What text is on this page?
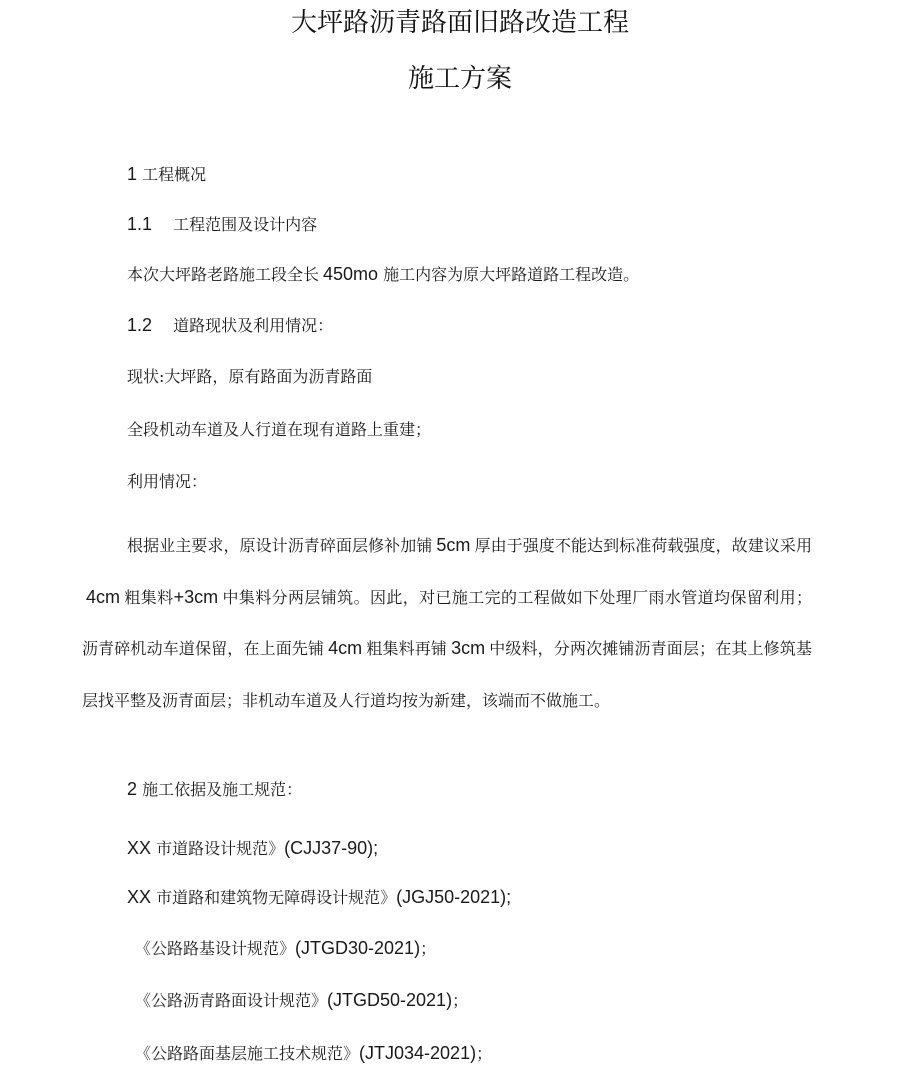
大坪路沥青路面旧路改造工程
施工方案
1 工程概况
1.1 工程范围及设计内容
本次大坪路老路施工段全长 450mo 施工内容为原大坪路道路工程改造。
1.2 道路现状及利用情况：
现状:大坪路，原有路面为沥青路面
全段机动车道及人行道在现有道路上重建；
利用情况：
根据业主要求，原设计沥青碎面层修补加铺 5cm 厚由于强度不能达到标准荷载强度，故建议采用4cm 粗集料+3cm 中集料分两层铺筑。因此，对已施工完的工程做如下处理厂雨水管道均保留利用；沥青碎机动车道保留，在上面先铺 4cm 粗集料再铺 3cm 中级料，分两次摊铺沥青面层；在其上修筑基层找平整及沥青面层；非机动车道及人行道均按为新建，该端而不做施工。
2 施工依据及施工规范：
XX 市道路设计规范》(CJJ37-90);
XX 市道路和建筑物无障碍设计规范》(JGJ50-2021);
《公路路基设计规范》(JTGD30-2021)；
《公路沥青路面设计规范》(JTGD50-2021)；
《公路路面基层施工技术规范》(JTJ034-2021)；
